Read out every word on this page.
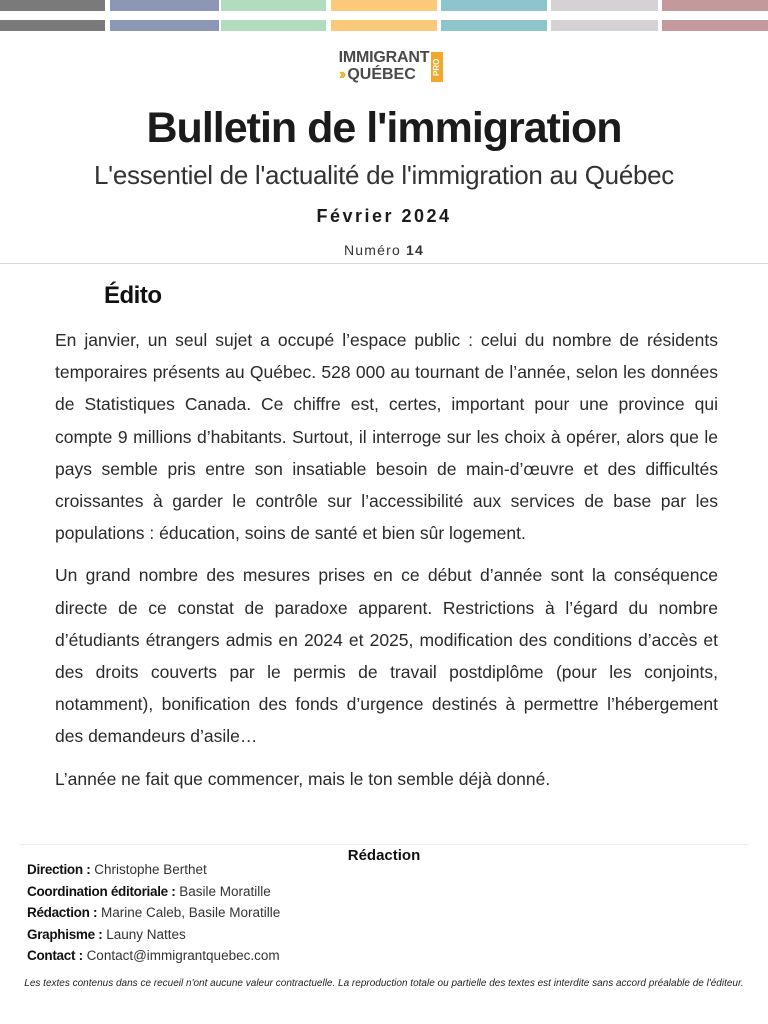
IMMIGRANT
›› QUÉBEC	PRO
Bulletin de l'immigration
L'essentiel de l'actualité de l'immigration au Québec
Février 2024
Numéro 14
Édito

En janvier, un seul sujet a occupé l’espace public : celui du nombre de résidents temporaires présents au Québec. 528 000 au tournant de l’année, selon les données de Statistiques Canada. Ce chiffre est, certes, important pour une province qui compte 9 millions d’habitants. Surtout, il interroge sur les choix à opérer, alors que le pays semble pris entre son insatiable besoin de main-d’œuvre et des difficultés croissantes à garder le contrôle sur l’accessibilité aux services de base par les populations : éducation, soins de santé et bien sûr logement.

Un grand nombre des mesures prises en ce début d’année sont la conséquence directe de ce constat de paradoxe apparent. Restrictions à l’égard du nombre d’étudiants étrangers admis en 2024 et 2025, modification des conditions d’accès et des droits couverts par le permis de travail postdiplôme (pour les conjoints, notamment), bonification des fonds d’urgence destinés à permettre l’hébergement des demandeurs d’asile…

L’année ne fait que commencer, mais le ton semble déjà donné.

Rédaction
Direction : Christophe Berthet
Coordination éditoriale : Basile Moratille
Rédaction : Marine Caleb, Basile Moratille
Graphisme : Launy Nattes
Contact : Contact@immigrantquebec.com
Les textes contenus dans ce recueil n'ont aucune valeur contractuelle. La reproduction totale ou partielle des textes est interdite sans accord préalable de l'éditeur.
